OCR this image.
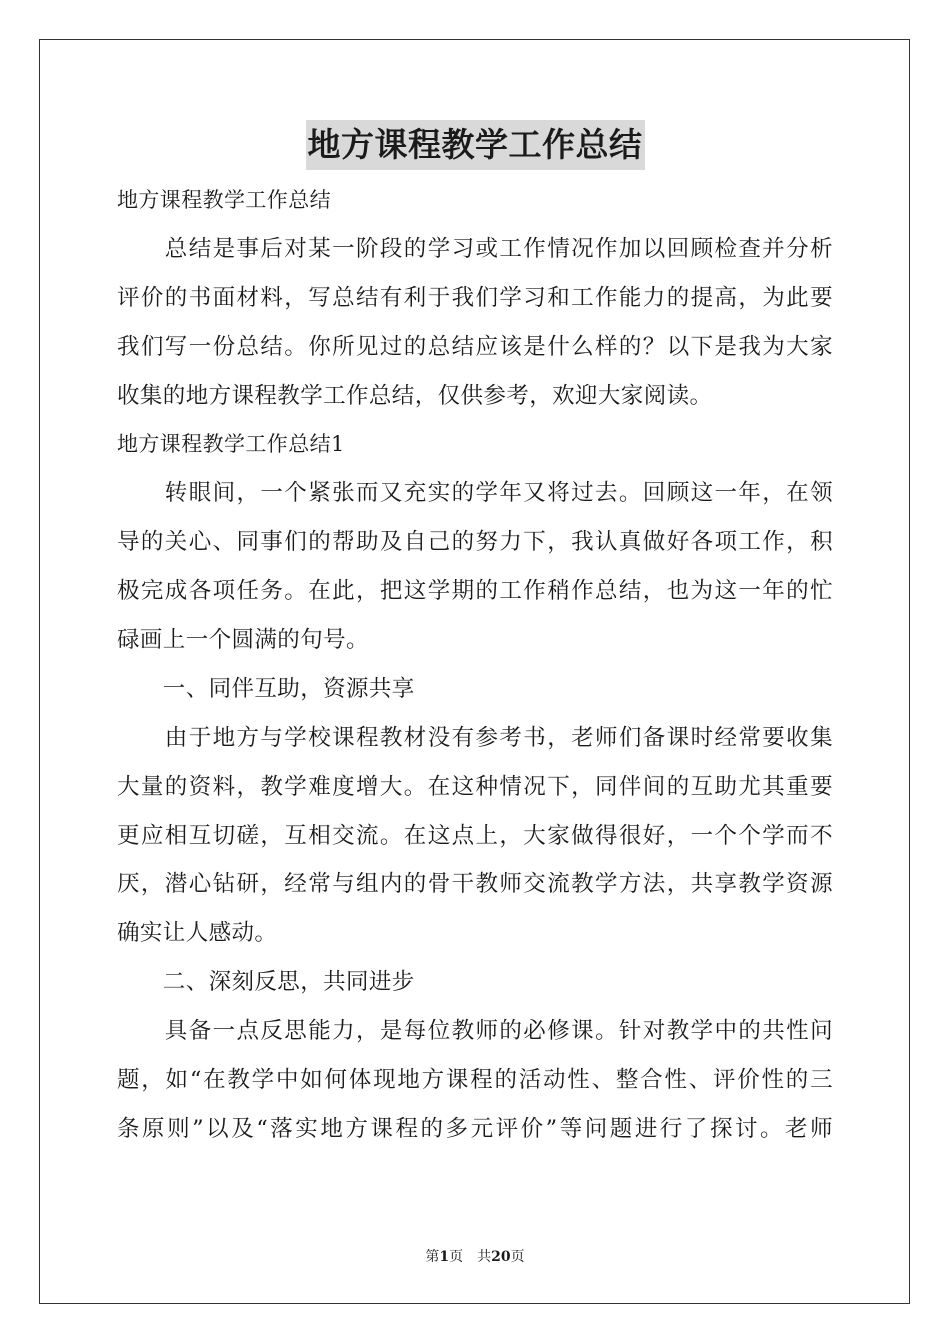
地方课程教学工作总结
地方课程教学工作总结
　　总结是事后对某一阶段的学习或工作情况作加以回顾检查并分析
评价的书面材料，写总结有利于我们学习和工作能力的提高，为此要
我们写一份总结。你所见过的总结应该是什么样的？以下是我为大家
收集的地方课程教学工作总结，仅供参考，欢迎大家阅读。
地方课程教学工作总结1
　　转眼间，一个紧张而又充实的学年又将过去。回顾这一年，在领
导的关心、同事们的帮助及自己的努力下，我认真做好各项工作，积
极完成各项任务。在此，把这学期的工作稍作总结，也为这一年的忙
碌画上一个圆满的句号。
　　一、同伴互助，资源共享
　　由于地方与学校课程教材没有参考书，老师们备课时经常要收集
大量的资料，教学难度增大。在这种情况下，同伴间的互助尤其重要
更应相互切磋，互相交流。在这点上，大家做得很好，一个个学而不
厌，潜心钻研，经常与组内的骨干教师交流教学方法，共享教学资源
确实让人感动。
　　二、深刻反思，共同进步
　　具备一点反思能力，是每位教师的必修课。针对教学中的共性问
题，如“在教学中如何体现地方课程的活动性、整合性、评价性的三
条原则”以及“落实地方课程的多元评价”等问题进行了探讨。老师
第1页　共20页
